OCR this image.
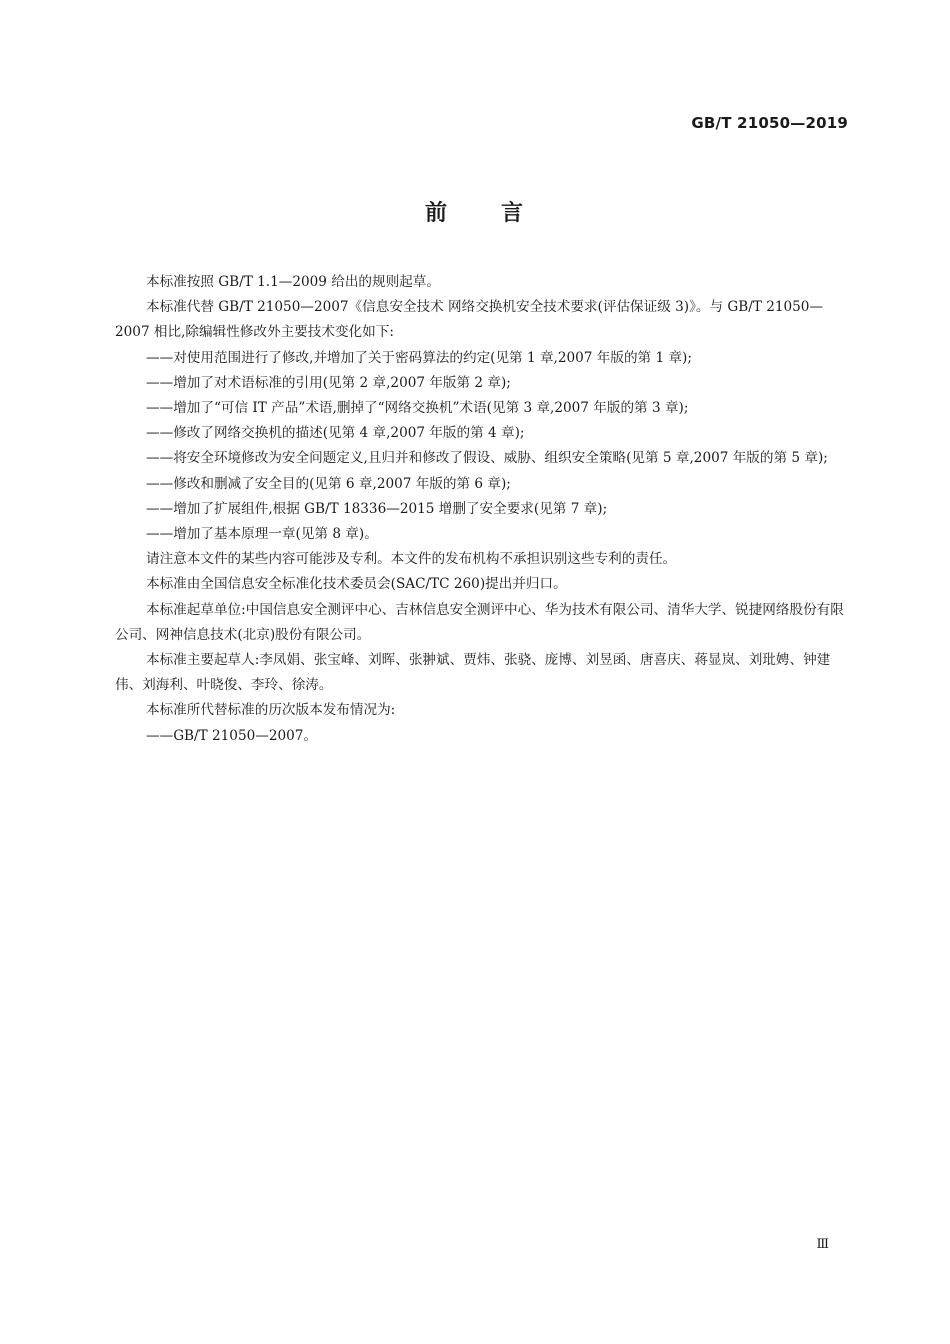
GB/T 21050—2019
前 言

本标准按照 GB/T 1.1—2009 给出的规则起草。

本标准代替 GB/T 21050—2007《信息安全技术 网络交换机安全技术要求(评估保证级 3)》。与 GB/T 21050—2007 相比,除编辑性修改外主要技术变化如下:

——对使用范围进行了修改,并增加了关于密码算法的约定(见第 1 章,2007 年版的第 1 章);

——增加了对术语标准的引用(见第 2 章,2007 年版第 2 章);

——增加了“可信 IT 产品”术语,删掉了“网络交换机”术语(见第 3 章,2007 年版的第 3 章);

——修改了网络交换机的描述(见第 4 章,2007 年版的第 4 章);

——将安全环境修改为安全问题定义,且归并和修改了假设、威胁、组织安全策略(见第 5 章,2007 年版的第 5 章);

——修改和删减了安全目的(见第 6 章,2007 年版的第 6 章);

——增加了扩展组件,根据 GB/T 18336—2015 增删了安全要求(见第 7 章);

——增加了基本原理一章(见第 8 章)。

请注意本文件的某些内容可能涉及专利。本文件的发布机构不承担识别这些专利的责任。

本标准由全国信息安全标准化技术委员会(SAC/TC 260)提出并归口。

本标准起草单位:中国信息安全测评中心、吉林信息安全测评中心、华为技术有限公司、清华大学、锐捷网络股份有限公司、网神信息技术(北京)股份有限公司。

本标准主要起草人:李凤娟、张宝峰、刘晖、张翀斌、贾炜、张骁、庞博、刘昱函、唐喜庆、蒋显岚、刘玭娉、钟建伟、刘海利、叶晓俊、李玲、徐涛。

本标准所代替标准的历次版本发布情况为:

——GB/T 21050—2007。

Ⅲ
